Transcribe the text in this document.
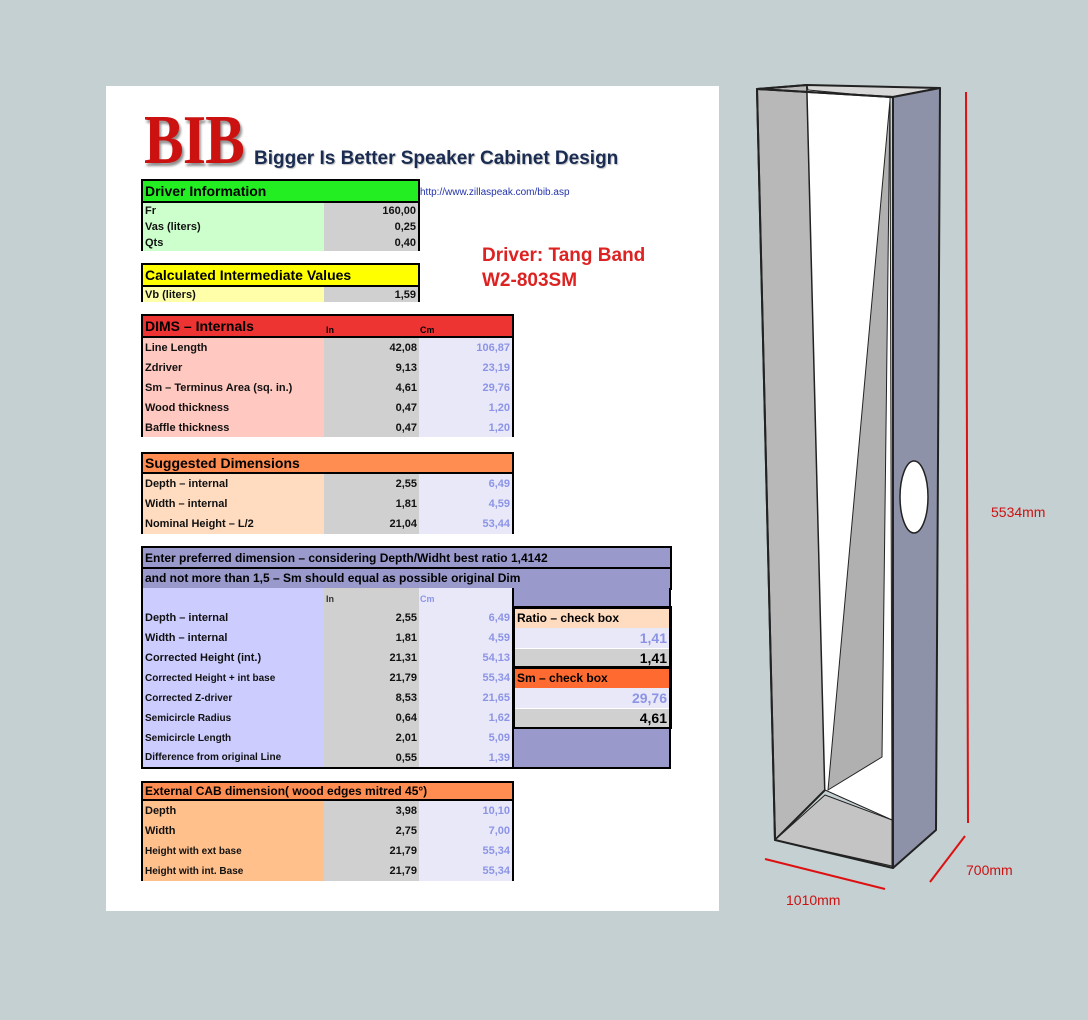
BIB Bigger Is Better Speaker Cabinet Design
http://www.zillaspeak.com/bib.asp
Driver: Tang Band
W2-803SM
Driver Information
Fr	160,00
Vas (liters)	0,25
Qts	0,40
Calculated Intermediate Values
Vb (liters)	1,59
DIMS – Internals	In	Cm
Line Length	42,08	106,87
Zdriver	9,13	23,19
Sm – Terminus Area (sq. in.)	4,61	29,76
Wood thickness	0,47	1,20
Baffle thickness	0,47	1,20
Suggested Dimensions
Depth – internal	2,55	6,49
Width – internal	1,81	4,59
Nominal Height – L/2	21,04	53,44
Enter preferred dimension – considering Depth/Widht best ratio 1,4142
and not more than 1,5 – Sm should equal as possible original Dim
In	Cm
Depth – internal	2,55	6,49
Width – internal	1,81	4,59
Corrected Height (int.)	21,31	54,13
Corrected Height + int base	21,79	55,34
Corrected Z-driver	8,53	21,65
Semicircle Radius	0,64	1,62
Semicircle Length	2,01	5,09
Difference from original Line	0,55	1,39
Ratio – check box
1,41
1,41
Sm – check box
29,76
4,61
External CAB dimension( wood edges mitred 45°)
Depth	3,98	10,10
Width	2,75	7,00
Height with ext base	21,79	55,34
Height with int. Base	21,79	55,34
5534mm
1010mm
700mm
